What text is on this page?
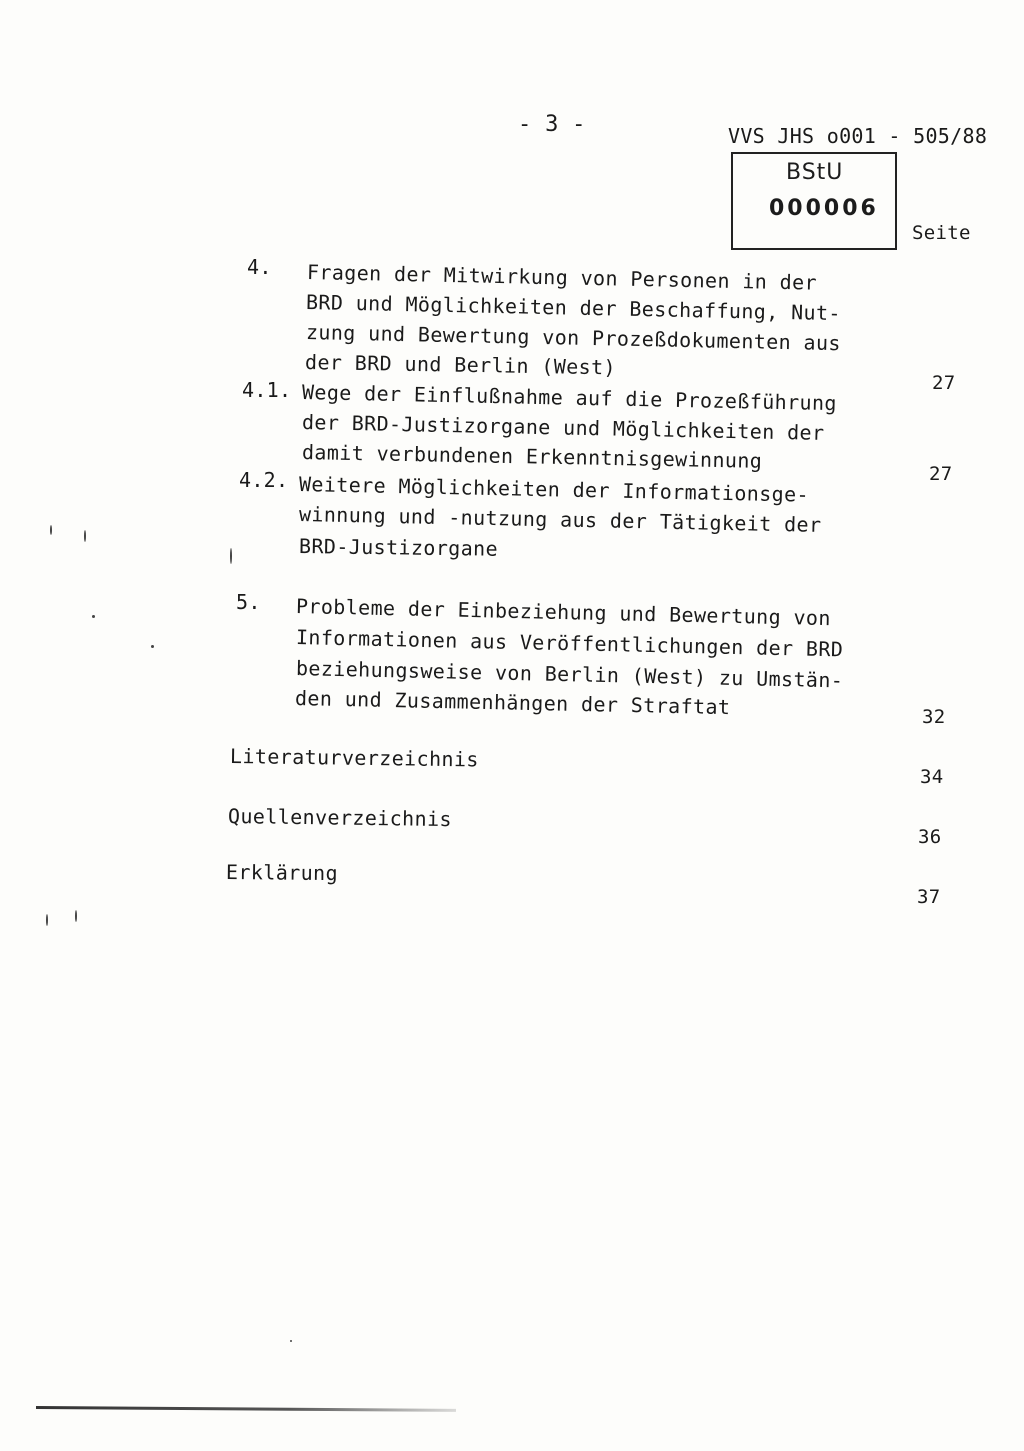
- 3 -	VVS JHS o001 - 505/88
BStU
000006
Seite
4. Fragen der Mitwirkung von Personen in der
BRD und Möglichkeiten der Beschaffung, Nut-
zung und Bewertung von Prozeßdokumenten aus
der BRD und Berlin (West)
27
4.1. Wege der Einflußnahme auf die Prozeßführung
der BRD-Justizorgane und Möglichkeiten der
damit verbundenen Erkenntnisgewinnung
27
4.2. Weitere Möglichkeiten der Informationsge-
winnung und -nutzung aus der Tätigkeit der
BRD-Justizorgane
5. Probleme der Einbeziehung und Bewertung von
Informationen aus Veröffentlichungen der BRD
beziehungsweise von Berlin (West) zu Umstän-
den und Zusammenhängen der Straftat	32
Literaturverzeichnis
34
Quellenverzeichnis
36
Erklärung
37
